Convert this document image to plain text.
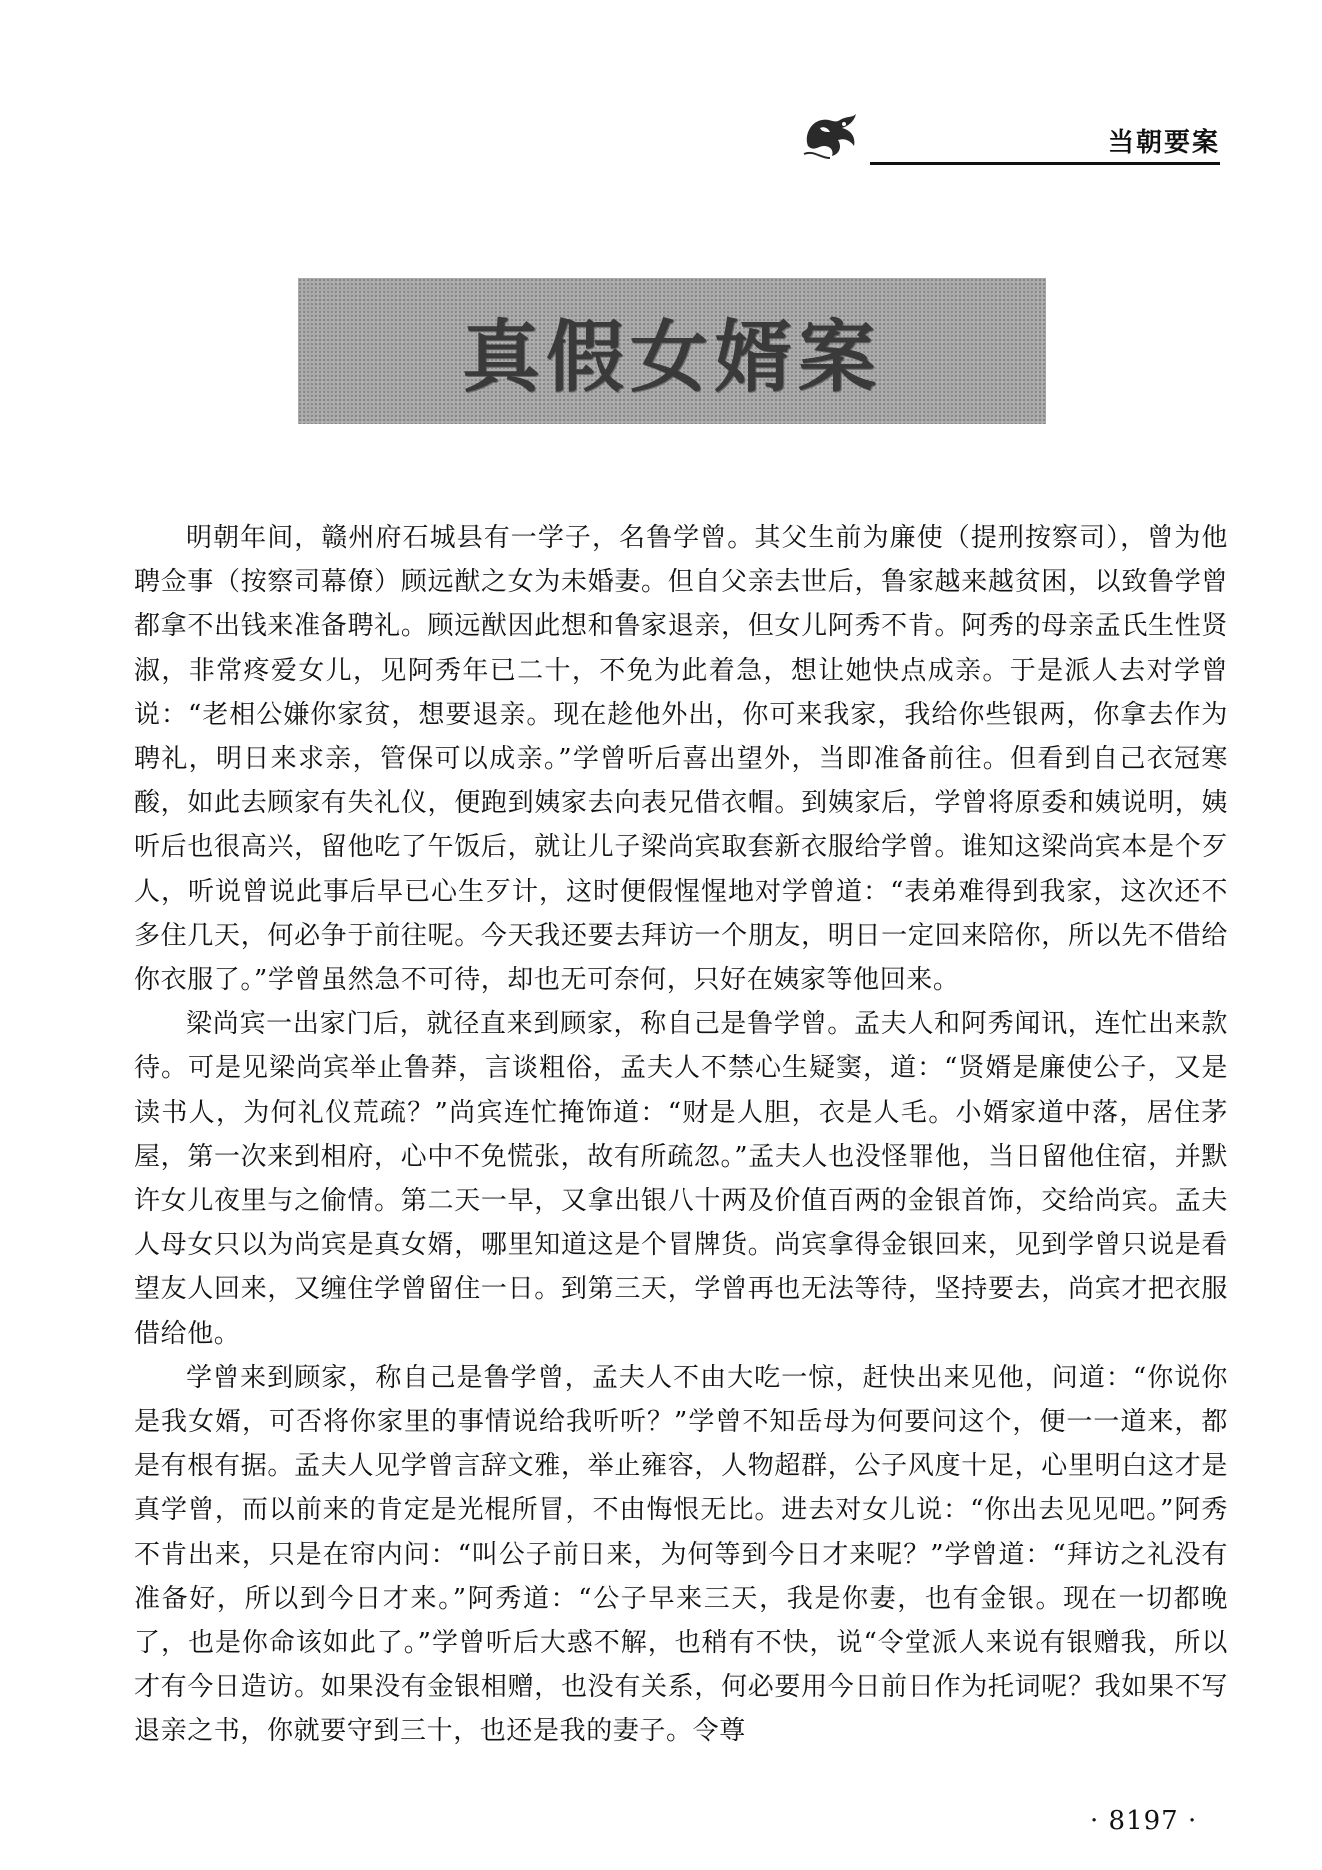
当朝要案
真假女婿案

明朝年间，赣州府石城县有一学子，名鲁学曾。其父生前为廉使（提刑按察司），曾为他聘佥事（按察司幕僚）顾远猷之女为未婚妻。但自父亲去世后，鲁家越来越贫困，以致鲁学曾都拿不出钱来准备聘礼。顾远猷因此想和鲁家退亲，但女儿阿秀不肯。阿秀的母亲孟氏生性贤淑，非常疼爱女儿，见阿秀年已二十，不免为此着急，想让她快点成亲。于是派人去对学曾说：“老相公嫌你家贫，想要退亲。现在趁他外出，你可来我家，我给你些银两，你拿去作为聘礼，明日来求亲，管保可以成亲。”学曾听后喜出望外，当即准备前往。但看到自己衣冠寒酸，如此去顾家有失礼仪，便跑到姨家去向表兄借衣帽。到姨家后，学曾将原委和姨说明，姨听后也很高兴，留他吃了午饭后，就让儿子梁尚宾取套新衣服给学曾。谁知这梁尚宾本是个歹人，听说曾说此事后早已心生歹计，这时便假惺惺地对学曾道：“表弟难得到我家，这次还不多住几天，何必争于前往呢。今天我还要去拜访一个朋友，明日一定回来陪你，所以先不借给你衣服了。”学曾虽然急不可待，却也无可奈何，只好在姨家等他回来。

梁尚宾一出家门后，就径直来到顾家，称自己是鲁学曾。孟夫人和阿秀闻讯，连忙出来款待。可是见梁尚宾举止鲁莽，言谈粗俗，孟夫人不禁心生疑窦，道：“贤婿是廉使公子，又是读书人，为何礼仪荒疏？”尚宾连忙掩饰道：“财是人胆，衣是人毛。小婿家道中落，居住茅屋，第一次来到相府，心中不免慌张，故有所疏忽。”孟夫人也没怪罪他，当日留他住宿，并默许女儿夜里与之偷情。第二天一早，又拿出银八十两及价值百两的金银首饰，交给尚宾。孟夫人母女只以为尚宾是真女婿，哪里知道这是个冒牌货。尚宾拿得金银回来，见到学曾只说是看望友人回来，又缠住学曾留住一日。到第三天，学曾再也无法等待，坚持要去，尚宾才把衣服借给他。

学曾来到顾家，称自己是鲁学曾，孟夫人不由大吃一惊，赶快出来见他，问道：“你说你是我女婿，可否将你家里的事情说给我听听？”学曾不知岳母为何要问这个，便一一道来，都是有根有据。孟夫人见学曾言辞文雅，举止雍容，人物超群，公子风度十足，心里明白这才是真学曾，而以前来的肯定是光棍所冒，不由悔恨无比。进去对女儿说：“你出去见见吧。”阿秀不肯出来，只是在帘内问：“叫公子前日来，为何等到今日才来呢？”学曾道：“拜访之礼没有准备好，所以到今日才来。”阿秀道：“公子早来三天，我是你妻，也有金银。现在一切都晚了，也是你命该如此了。”学曾听后大惑不解，也稍有不快，说“令堂派人来说有银赠我，所以才有今日造访。如果没有金银相赠，也没有关系，何必要用今日前日作为托词呢？我如果不写退亲之书，你就要守到三十，也还是我的妻子。令尊

· 8197 ·
